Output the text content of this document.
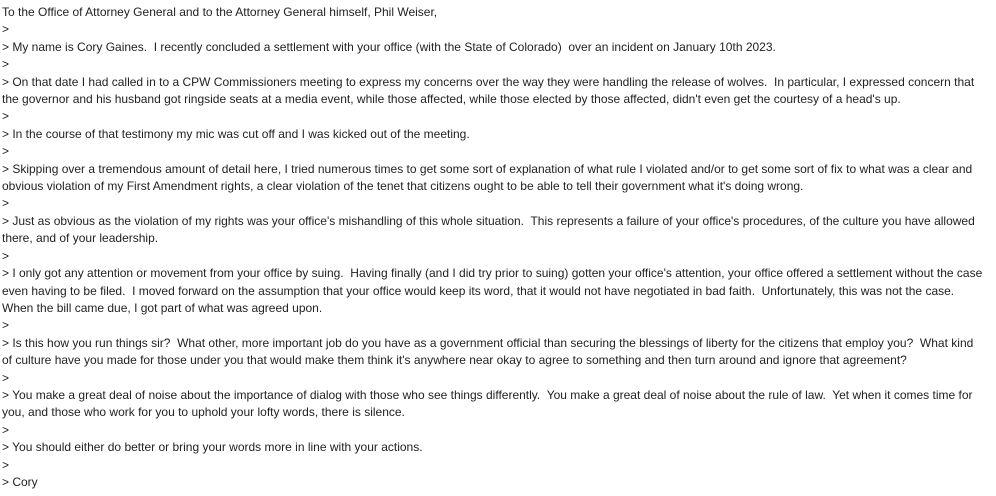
To the Office of Attorney General and to the Attorney General himself, Phil Weiser,

>

> My name is Cory Gaines.  I recently concluded a settlement with your office (with the State of Colorado)  over an incident on January 10th 2023.

>

> On that date I had called in to a CPW Commissioners meeting to express my concerns over the way they were handling the release of wolves.  In particular, I expressed concern that the governor and his husband got ringside seats at a media event, while those affected, while those elected by those affected, didn't even get the courtesy of a head's up.

>

> In the course of that testimony my mic was cut off and I was kicked out of the meeting.

>

> Skipping over a tremendous amount of detail here, I tried numerous times to get some sort of explanation of what rule I violated and/or to get some sort of fix to what was a clear and obvious violation of my First Amendment rights, a clear violation of the tenet that citizens ought to be able to tell their government what it's doing wrong.

>

> Just as obvious as the violation of my rights was your office's mishandling of this whole situation.  This represents a failure of your office's procedures, of the culture you have allowed there, and of your leadership.

>

> I only got any attention or movement from your office by suing.  Having finally (and I did try prior to suing) gotten your office's attention, your office offered a settlement without the case even having to be filed.  I moved forward on the assumption that your office would keep its word, that it would not have negotiated in bad faith.  Unfortunately, this was not the case.  When the bill came due, I got part of what was agreed upon.

>

> Is this how you run things sir?  What other, more important job do you have as a government official than securing the blessings of liberty for the citizens that employ you?  What kind of culture have you made for those under you that would make them think it's anywhere near okay to agree to something and then turn around and ignore that agreement?

>

> You make a great deal of noise about the importance of dialog with those who see things differently.  You make a great deal of noise about the rule of law.  Yet when it comes time for you, and those who work for you to uphold your lofty words, there is silence.

>

> You should either do better or bring your words more in line with your actions.

>

> Cory
